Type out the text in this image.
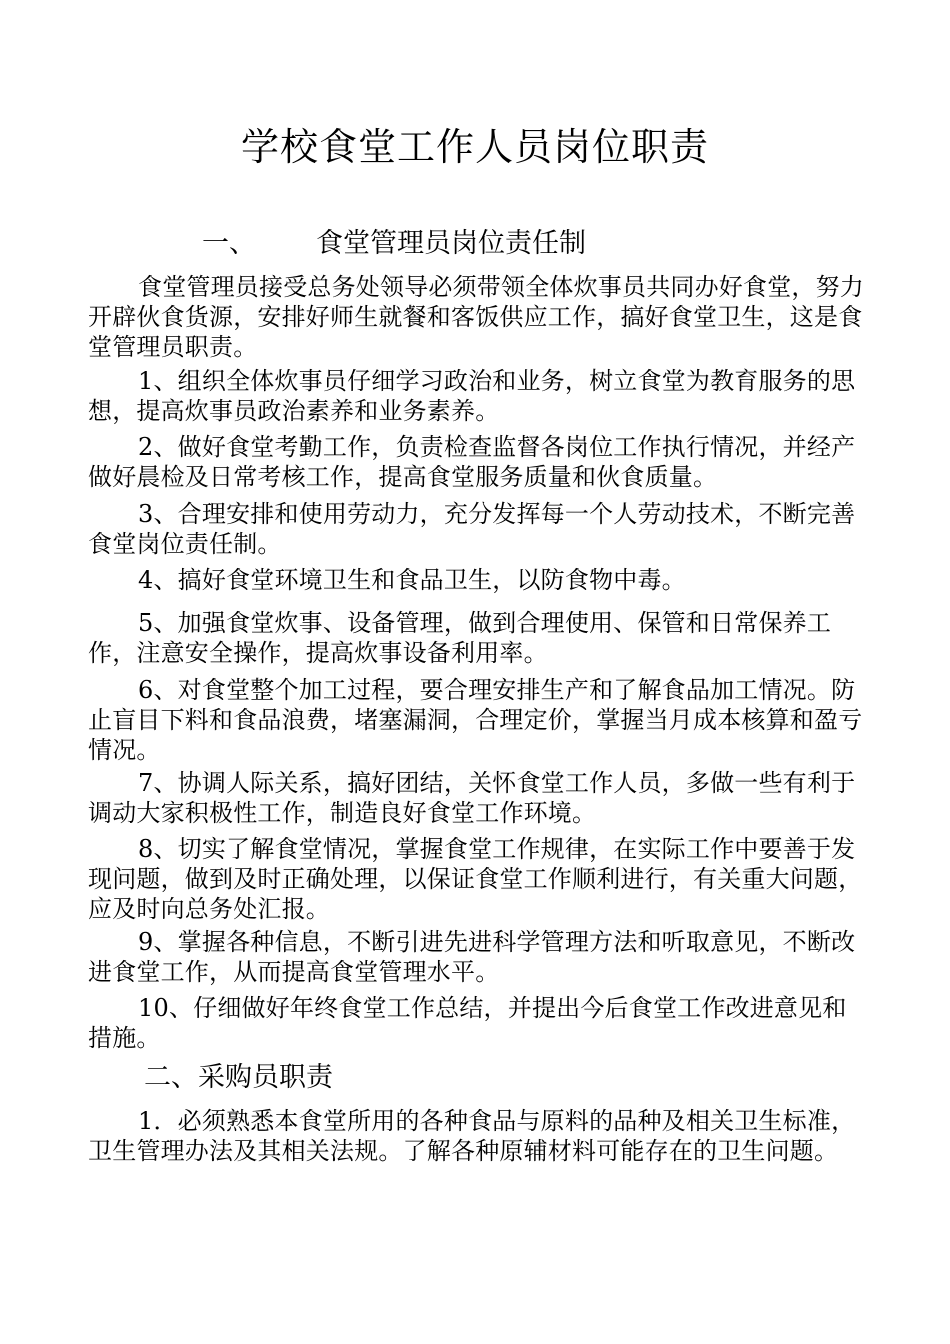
学校食堂工作人员岗位职责
一、 食堂管理员岗位责任制

食堂管理员接受总务处领导必须带领全体炊事员共同办好食堂，努力开辟伙食货源，安排好师生就餐和客饭供应工作，搞好食堂卫生，这是食堂管理员职责。

1、组织全体炊事员仔细学习政治和业务，树立食堂为教育服务的思想，提高炊事员政治素养和业务素养。

2、做好食堂考勤工作，负责检查监督各岗位工作执行情况，并经产做好晨检及日常考核工作，提高食堂服务质量和伙食质量。

3、合理安排和使用劳动力，充分发挥每一个人劳动技术，不断完善食堂岗位责任制。

4、搞好食堂环境卫生和食品卫生，以防食物中毒。

5、加强食堂炊事、设备管理，做到合理使用、保管和日常保养工作，注意安全操作，提高炊事设备利用率。

6、对食堂整个加工过程，要合理安排生产和了解食品加工情况。防止盲目下料和食品浪费，堵塞漏洞，合理定价，掌握当月成本核算和盈亏情况。

7、协调人际关系，搞好团结，关怀食堂工作人员，多做一些有利于调动大家积极性工作，制造良好食堂工作环境。

8、切实了解食堂情况，掌握食堂工作规律，在实际工作中要善于发现问题，做到及时正确处理，以保证食堂工作顺利进行，有关重大问题，应及时向总务处汇报。

9、掌握各种信息，不断引进先进科学管理方法和听取意见，不断改进食堂工作，从而提高食堂管理水平。

10、仔细做好年终食堂工作总结，并提出今后食堂工作改进意见和措施。

二、采购员职责

1．必须熟悉本食堂所用的各种食品与原料的品种及相关卫生标准，卫生管理办法及其相关法规。了解各种原辅材料可能存在的卫生问题。
